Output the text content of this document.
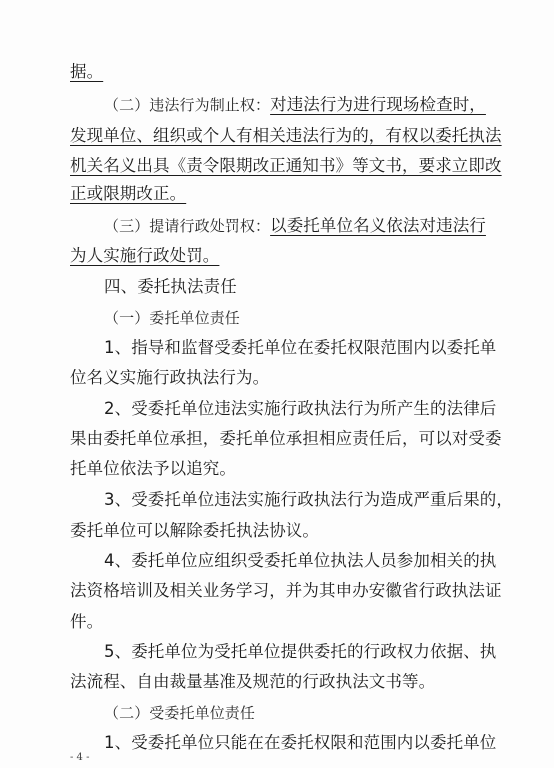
据。
（二）违法行为制止权：对违法行为进行现场检查时，
发现单位、组织或个人有相关违法行为的，有权以委托执法
机关名义出具《责令限期改正通知书》等文书，要求立即改
正或限期改正。
（三）提请行政处罚权：以委托单位名义依法对违法行
为人实施行政处罚。
四、委托执法责任
（一）委托单位责任
1、指导和监督受委托单位在委托权限范围内以委托单
位名义实施行政执法行为。
2、受委托单位违法实施行政执法行为所产生的法律后
果由委托单位承担，委托单位承担相应责任后，可以对受委
托单位依法予以追究。
3、受委托单位违法实施行政执法行为造成严重后果的，
委托单位可以解除委托执法协议。
4、委托单位应组织受委托单位执法人员参加相关的执
法资格培训及相关业务学习，并为其申办安徽省行政执法证
件。
5、委托单位为受托单位提供委托的行政权力依据、执
法流程、自由裁量基准及规范的行政执法文书等。
（二）受委托单位责任
1、受委托单位只能在在委托权限和范围内以委托单位
- 4 -
